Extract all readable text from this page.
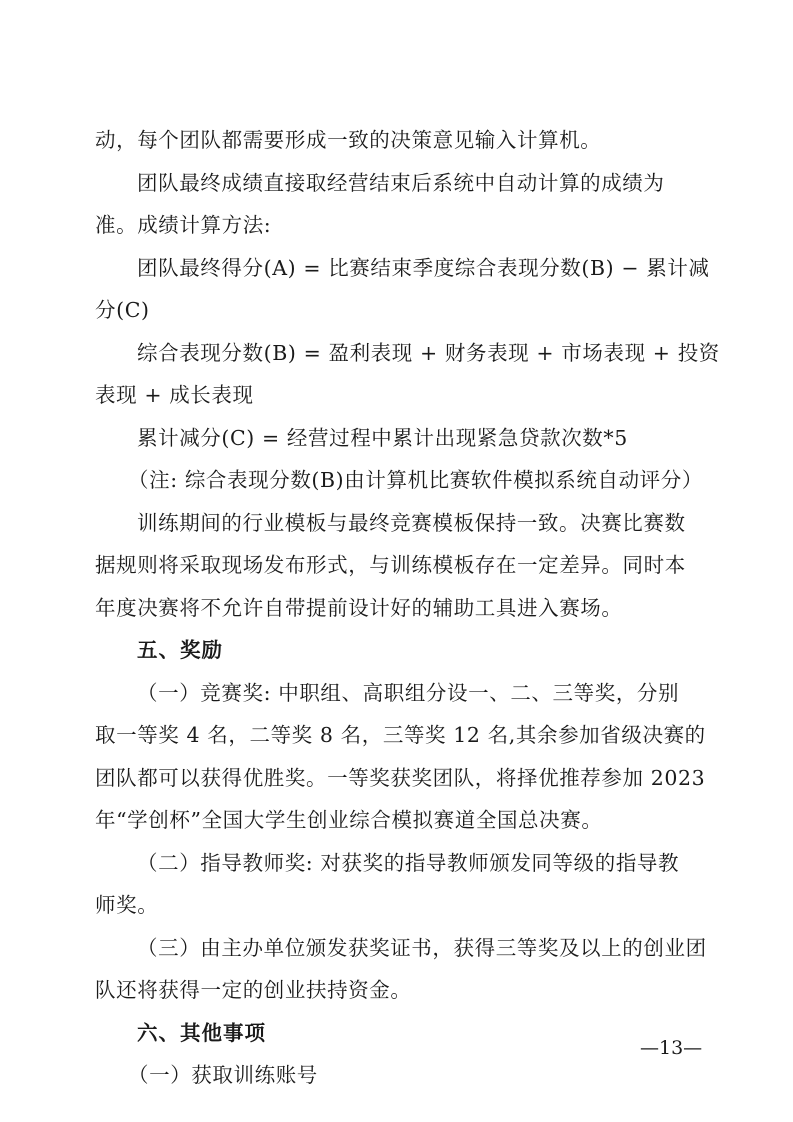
动，每个团队都需要形成一致的决策意见输入计算机。
团队最终成绩直接取经营结束后系统中自动计算的成绩为
准。成绩计算方法:
团队最终得分(A) = 比赛结束季度综合表现分数(B) − 累计减
分(C)
综合表现分数(B) = 盈利表现 + 财务表现 + 市场表现 + 投资
表现 + 成长表现
累计减分(C) = 经营过程中累计出现紧急贷款次数*5
（注: 综合表现分数(B)由计算机比赛软件模拟系统自动评分）
训练期间的行业模板与最终竞赛模板保持一致。决赛比赛数
据规则将采取现场发布形式，与训练模板存在一定差异。同时本
年度决赛将不允许自带提前设计好的辅助工具进入赛场。
五、奖励
（一）竞赛奖: 中职组、高职组分设一、二、三等奖，分别
取一等奖 4 名，二等奖 8 名，三等奖 12 名,其余参加省级决赛的
团队都可以获得优胜奖。一等奖获奖团队，将择优推荐参加 2023
年“学创杯”全国大学生创业综合模拟赛道全国总决赛。
（二）指导教师奖: 对获奖的指导教师颁发同等级的指导教
师奖。
（三）由主办单位颁发获奖证书，获得三等奖及以上的创业团
队还将获得一定的创业扶持资金。
六、其他事项
（一）获取训练账号
—13—
